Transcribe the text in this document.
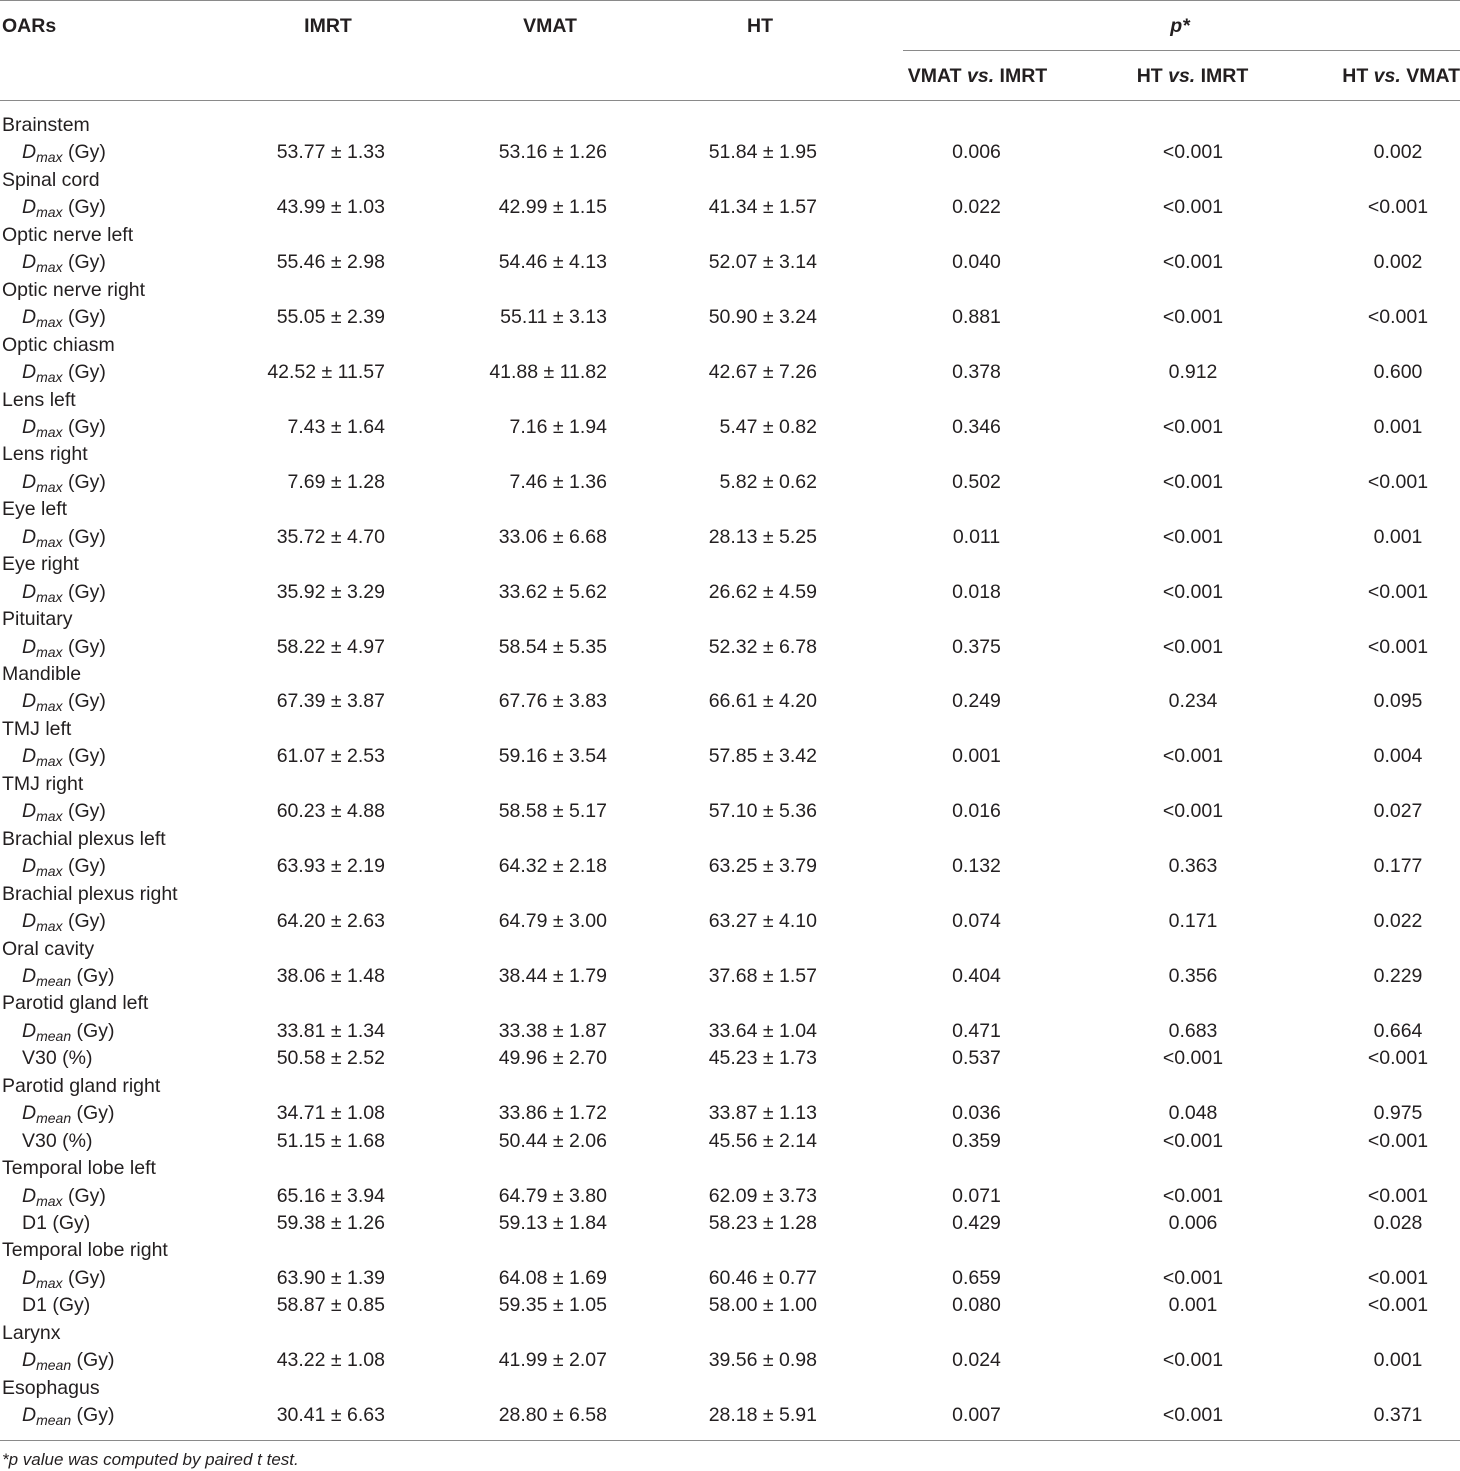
OARs	IMRT	VMAT	HT	p*
VMAT vs. IMRT	HT vs. IMRT	HT vs. VMAT
Brainstem
$D_{max}$ (Gy)	53.77 ± 1.33	53.16 ± 1.26	51.84 ± 1.95	0.006	<0.001	0.002
Spinal cord
$D_{max}$ (Gy)	43.99 ± 1.03	42.99 ± 1.15	41.34 ± 1.57	0.022	<0.001	<0.001
Optic nerve left
$D_{max}$ (Gy)	55.46 ± 2.98	54.46 ± 4.13	52.07 ± 3.14	0.040	<0.001	0.002
Optic nerve right
$D_{max}$ (Gy)	55.05 ± 2.39	55.11 ± 3.13	50.90 ± 3.24	0.881	<0.001	<0.001
Optic chiasm
$D_{max}$ (Gy)	42.52 ± 11.57	41.88 ± 11.82	42.67 ± 7.26	0.378	0.912	0.600
Lens left
$D_{max}$ (Gy)	7.43 ± 1.64	7.16 ± 1.94	5.47 ± 0.82	0.346	<0.001	0.001
Lens right
$D_{max}$ (Gy)	7.69 ± 1.28	7.46 ± 1.36	5.82 ± 0.62	0.502	<0.001	<0.001
Eye left
$D_{max}$ (Gy)	35.72 ± 4.70	33.06 ± 6.68	28.13 ± 5.25	0.011	<0.001	0.001
Eye right
$D_{max}$ (Gy)	35.92 ± 3.29	33.62 ± 5.62	26.62 ± 4.59	0.018	<0.001	<0.001
Pituitary
$D_{max}$ (Gy)	58.22 ± 4.97	58.54 ± 5.35	52.32 ± 6.78	0.375	<0.001	<0.001
Mandible
$D_{max}$ (Gy)	67.39 ± 3.87	67.76 ± 3.83	66.61 ± 4.20	0.249	0.234	0.095
TMJ left
$D_{max}$ (Gy)	61.07 ± 2.53	59.16 ± 3.54	57.85 ± 3.42	0.001	<0.001	0.004
TMJ right
$D_{max}$ (Gy)	60.23 ± 4.88	58.58 ± 5.17	57.10 ± 5.36	0.016	<0.001	0.027
Brachial plexus left
$D_{max}$ (Gy)	63.93 ± 2.19	64.32 ± 2.18	63.25 ± 3.79	0.132	0.363	0.177
Brachial plexus right
$D_{max}$ (Gy)	64.20 ± 2.63	64.79 ± 3.00	63.27 ± 4.10	0.074	0.171	0.022
Oral cavity
$D_{mean}$ (Gy)	38.06 ± 1.48	38.44 ± 1.79	37.68 ± 1.57	0.404	0.356	0.229
Parotid gland left
$D_{mean}$ (Gy)	33.81 ± 1.34	33.38 ± 1.87	33.64 ± 1.04	0.471	0.683	0.664
V30 (%)	50.58 ± 2.52	49.96 ± 2.70	45.23 ± 1.73	0.537	<0.001	<0.001
Parotid gland right
$D_{mean}$ (Gy)	34.71 ± 1.08	33.86 ± 1.72	33.87 ± 1.13	0.036	0.048	0.975
V30 (%)	51.15 ± 1.68	50.44 ± 2.06	45.56 ± 2.14	0.359	<0.001	<0.001
Temporal lobe left
$D_{max}$ (Gy)	65.16 ± 3.94	64.79 ± 3.80	62.09 ± 3.73	0.071	<0.001	<0.001
D1 (Gy)	59.38 ± 1.26	59.13 ± 1.84	58.23 ± 1.28	0.429	0.006	0.028
Temporal lobe right
$D_{max}$ (Gy)	63.90 ± 1.39	64.08 ± 1.69	60.46 ± 0.77	0.659	<0.001	<0.001
D1 (Gy)	58.87 ± 0.85	59.35 ± 1.05	58.00 ± 1.00	0.080	0.001	<0.001
Larynx
$D_{mean}$ (Gy)	43.22 ± 1.08	41.99 ± 2.07	39.56 ± 0.98	0.024	<0.001	0.001
Esophagus
$D_{mean}$ (Gy)	30.41 ± 6.63	28.80 ± 6.58	28.18 ± 5.91	0.007	<0.001	0.371
*p value was computed by paired t test.
